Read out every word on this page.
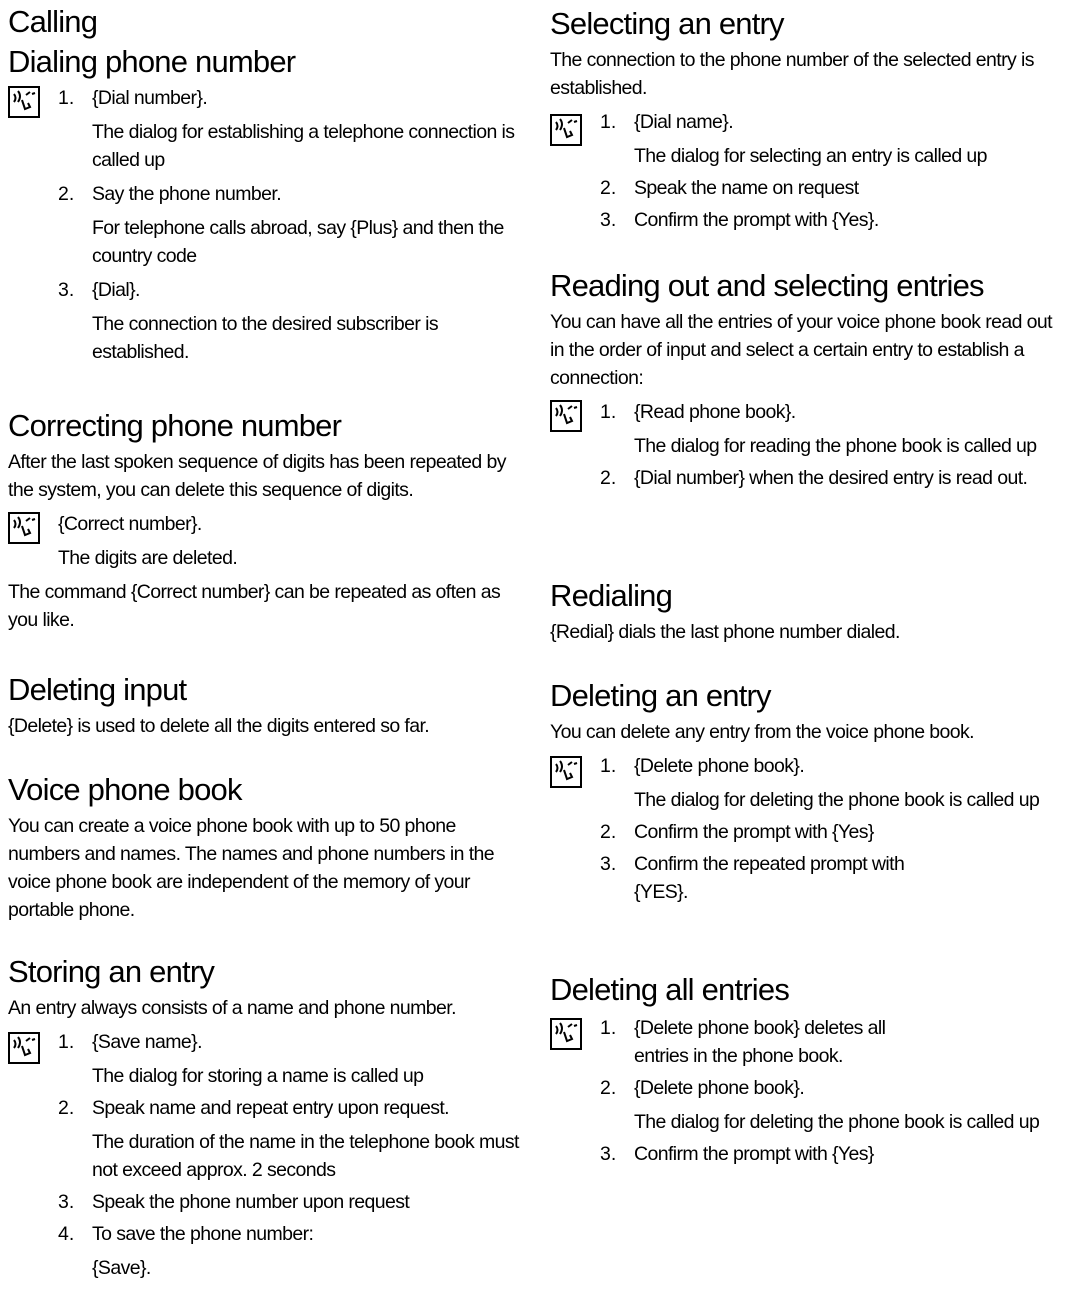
Calling
Dialing phone number
1. {Dial number}.
The dialog for establishing a telephone connection is called up
2. Say the phone number.
For telephone calls abroad, say {Plus} and then the country code
3. {Dial}.
The connection to the desired subscriber is established.
Correcting phone number

After the last spoken sequence of digits has been repeated by the system, you can delete this sequence of digits.

{Correct number}.
The digits are deleted.

The command {Correct number} can be repeated as often as you like.

Deleting input

{Delete} is used to delete all the digits entered so far.

Voice phone book

You can create a voice phone book with up to 50 phone numbers and names. The names and phone numbers in the voice phone book are independent of the memory of your portable phone.

Storing an entry

An entry always consists of a name and phone number.

1. {Save name}.
The dialog for storing a name is called up
2. Speak name and repeat entry upon request.
The duration of the name in the telephone book must not exceed approx. 2 seconds
3. Speak the phone number upon request
4. To save the phone number:
{Save}.
Selecting an entry

The connection to the phone number of the selected entry is established.

1. {Dial name}.
The dialog for selecting an entry is called up
2. Speak the name on request
3. Confirm the prompt with {Yes}.
Reading out and selecting entries

You can have all the entries of your voice phone book read out in the order of input and select a certain entry to establish a connection:

1. {Read phone book}.
The dialog for reading the phone book is called up
2. {Dial number} when the desired entry is read out.
Redialing

{Redial} dials the last phone number dialed.

Deleting an entry

You can delete any entry from the voice phone book.

1. {Delete phone book}.
The dialog for deleting the phone book is called up
2. Confirm the prompt with {Yes}
3. Confirm the repeated prompt with {YES}.
Deleting all entries
1. {Delete phone book} deletes all entries in the phone book.
2. {Delete phone book}.
The dialog for deleting the phone book is called up
3. Confirm the prompt with {Yes}
